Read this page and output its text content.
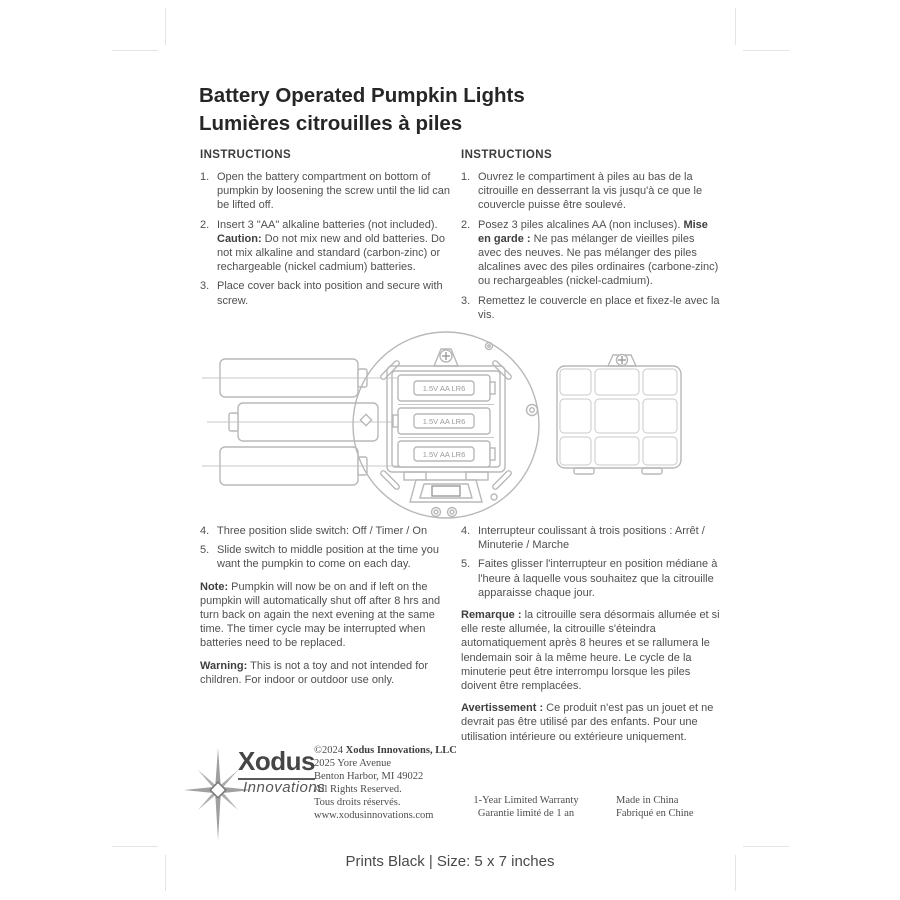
Battery Operated Pumpkin Lights
Lumières citrouilles à piles
INSTRUCTIONS	INSTRUCTIONS
1. Open the battery compartment on bottom of pumpkin by loosening the screw until the lid can be lifted off.
2. Insert 3 "AA" alkaline batteries (not included). Caution: Do not mix new and old batteries. Do not mix alkaline and standard (carbon-zinc) or rechargeable (nickel cadmium) batteries.
3. Place cover back into position and secure with screw.
1. Ouvrez le compartiment à piles au bas de la citrouille en desserrant la vis jusqu'à ce que le couvercle puisse être soulevé.
2. Posez 3 piles alcalines AA (non incluses). Mise en garde : Ne pas mélanger de vieilles piles avec des neuves. Ne pas mélanger des piles alcalines avec des piles ordinaires (carbone-zinc) ou rechargeables (nickel-cadmium).
3. Remettez le couvercle en place et fixez-le avec la vis.
1.5V AA LR6
1.5V AA LR6
1.5V AA LR6
4. Three position slide switch: Off / Timer / On
5. Slide switch to middle position at the time you want the pumpkin to come on each day.

Note: Pumpkin will now be on and if left on the pumpkin will automatically shut off after 8 hrs and turn back on again the next evening at the same time. The timer cycle may be interrupted when batteries need to be replaced.

Warning: This is not a toy and not intended for children. For indoor or outdoor use only.

4. Interrupteur coulissant à trois positions : Arrêt / Minuterie / Marche
5. Faites glisser l'interrupteur en position médiane à l'heure à laquelle vous souhaitez que la citrouille apparaisse chaque jour.

Remarque : la citrouille sera désormais allumée et si elle reste allumée, la citrouille s'éteindra automatiquement après 8 heures et se rallumera le lendemain soir à la même heure. Le cycle de la minuterie peut être interrompu lorsque les piles doivent être remplacées.

Avertissement : Ce produit n'est pas un jouet et ne devrait pas être utilisé par des enfants. Pour une utilisation intérieure ou extérieure uniquement.

Xodus
Innovations
©2024 Xodus Innovations, LLC
2025 Yore Avenue
Benton Harbor, MI 49022
All Rights Reserved.
Tous droits réservés.
www.xodusinnovations.com
1-Year Limited Warranty
Garantie limité de 1 an
Made in China
Fabriqué en Chine
Prints Black | Size: 5 x 7 inches
